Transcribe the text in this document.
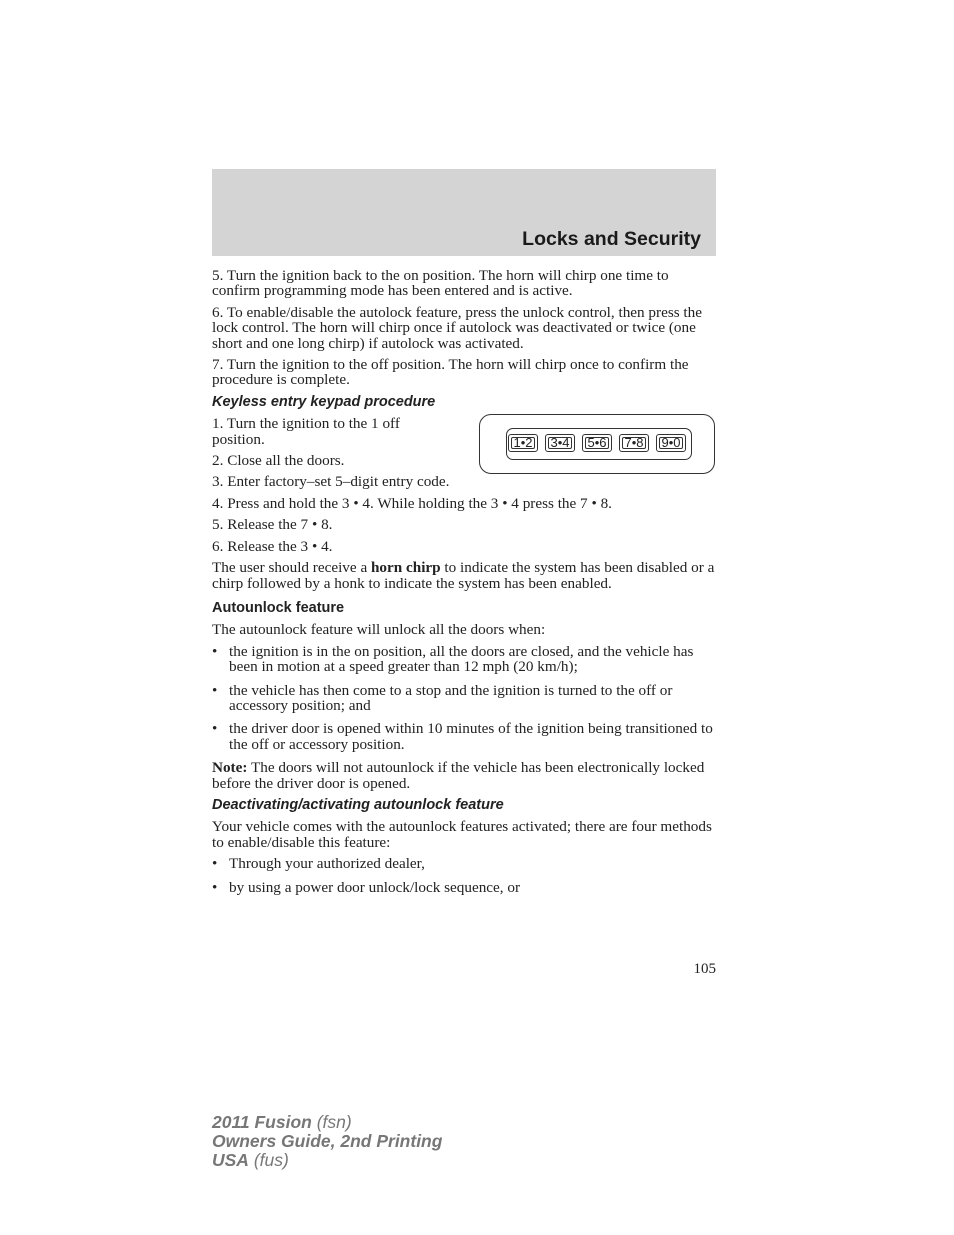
Locks and Security

5. Turn the ignition back to the on position. The horn will chirp one time to confirm programming mode has been entered and is active.

6. To enable/disable the autolock feature, press the unlock control, then press the lock control. The horn will chirp once if autolock was deactivated or twice (one short and one long chirp) if autolock was activated.

7. Turn the ignition to the off position. The horn will chirp once to confirm the procedure is complete.

Keyless entry keypad procedure

1. Turn the ignition to the 1 off position.

2. Close all the doors.

3. Enter factory–set 5–digit entry code.

1•2	3•4	5•6	7•8	9•0

4. Press and hold the 3 • 4. While holding the 3 • 4 press the 7 • 8.

5. Release the 7 • 8.

6. Release the 3 • 4.

The user should receive a horn chirp to indicate the system has been disabled or a chirp followed by a honk to indicate the system has been enabled.

Autounlock feature

The autounlock feature will unlock all the doors when:

• the ignition is in the on position, all the doors are closed, and the vehicle has been in motion at a speed greater than 12 mph (20 km/h);
• the vehicle has then come to a stop and the ignition is turned to the off or accessory position; and
• the driver door is opened within 10 minutes of the ignition being transitioned to the off or accessory position.

Note: The doors will not autounlock if the vehicle has been electronically locked before the driver door is opened.

Deactivating/activating autounlock feature

Your vehicle comes with the autounlock features activated; there are four methods to enable/disable this feature:

• Through your authorized dealer,
• by using a power door unlock/lock sequence, or
105
2011 Fusion (fsn)
Owners Guide, 2nd Printing
USA (fus)
